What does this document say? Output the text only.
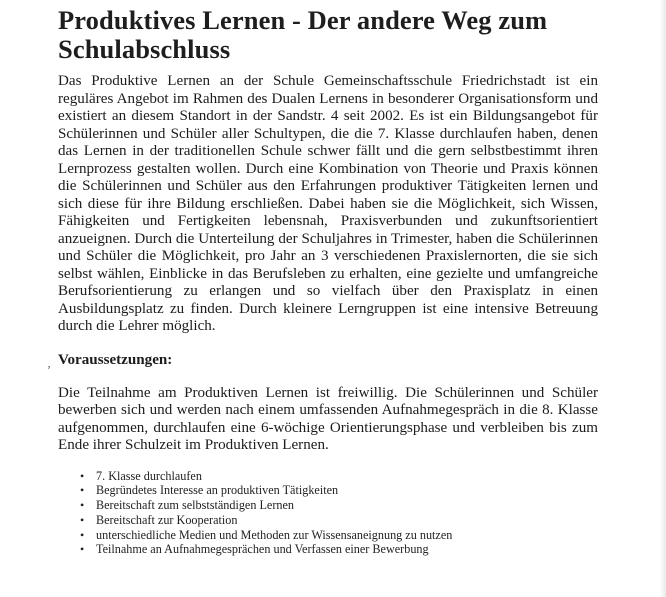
ʼ
Produktives Lernen - Der andere Weg zum Schulabschluss

Das Produktive Lernen an der Schule Gemeinschaftsschule Friedrichstadt ist ein reguläres Angebot im Rahmen des Dualen Lernens in besonderer Organisationsform und existiert an diesem Standort in der Sandstr. 4 seit 2002. Es ist ein Bildungsangebot für Schülerinnen und Schüler aller Schultypen, die die 7. Klasse durchlaufen haben, denen das Lernen in der traditionellen Schule schwer fällt und die gern selbstbestimmt ihren Lernprozess gestalten wollen. Durch eine Kombination von Theorie und Praxis können die Schülerinnen und Schüler aus den Erfahrungen produktiver Tätigkeiten lernen und sich diese für ihre Bildung erschließen. Dabei haben sie die Möglichkeit, sich Wissen, Fähigkeiten und Fertigkeiten lebensnah, Praxisverbunden und zukunftsorientiert anzueignen. Durch die Unterteilung der Schuljahres in Trimester, haben die Schülerinnen und Schüler die Möglichkeit, pro Jahr an 3 verschiedenen Praxislernorten, die sie sich selbst wählen, Einblicke in das Berufsleben zu erhalten, eine gezielte und umfangreiche Berufsorientierung zu erlangen und so vielfach über den Praxisplatz in einen Ausbildungsplatz zu finden. Durch kleinere Lerngruppen ist eine intensive Betreuung durch die Lehrer möglich.

Voraussetzungen:

Die Teilnahme am Produktiven Lernen ist freiwillig. Die Schülerinnen und Schüler bewerben sich und werden nach einem umfassenden Aufnahmegespräch in die 8. Klasse aufgenommen, durchlaufen eine 6-wöchige Orientierungsphase und verbleiben bis zum Ende ihrer Schulzeit im Produktiven Lernen.

• 7. Klasse durchlaufen
• Begründetes Interesse an produktiven Tätigkeiten
• Bereitschaft zum selbstständigen Lernen
• Bereitschaft zur Kooperation
• unterschiedliche Medien und Methoden zur Wissensaneignung zu nutzen
• Teilnahme an Aufnahmegesprächen und Verfassen einer Bewerbung
